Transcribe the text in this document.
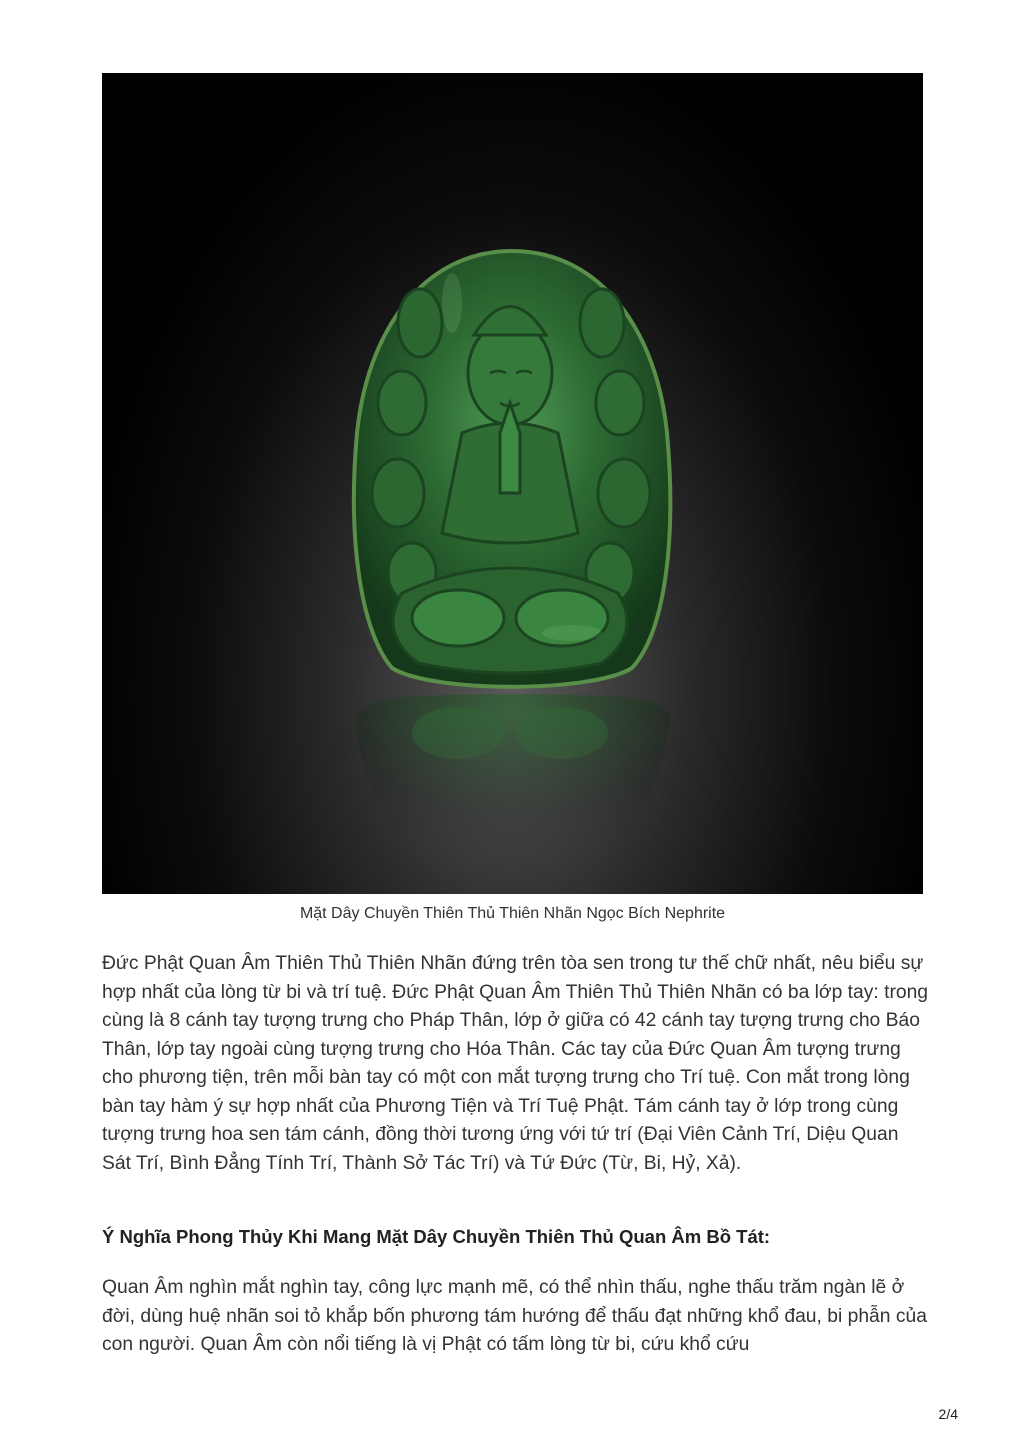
Mặt Dây Chuyền Thiên Thủ Thiên Nhãn Ngọc Bích Nephrite

Đức Phật Quan Âm Thiên Thủ Thiên Nhãn đứng trên tòa sen trong tư thế chữ nhất, nêu biểu sự hợp nhất của lòng từ bi và trí tuệ. Đức Phật Quan Âm Thiên Thủ Thiên Nhãn có ba lớp tay: trong cùng là 8 cánh tay tượng trưng cho Pháp Thân, lớp ở giữa có 42 cánh tay tượng trưng cho Báo Thân, lớp tay ngoài cùng tượng trưng cho Hóa Thân. Các tay của Đức Quan Âm tượng trưng cho phương tiện, trên mỗi bàn tay có một con mắt tượng trưng cho Trí tuệ. Con mắt trong lòng bàn tay hàm ý sự hợp nhất của Phương Tiện và Trí Tuệ Phật. Tám cánh tay ở lớp trong cùng tượng trưng hoa sen tám cánh, đồng thời tương ứng với tứ trí (Đại Viên Cảnh Trí, Diệu Quan Sát Trí, Bình Đẳng Tính Trí, Thành Sở Tác Trí) và Tứ Đức (Từ, Bi, Hỷ, Xả).

Ý Nghĩa Phong Thủy Khi Mang Mặt Dây Chuyền Thiên Thủ Quan Âm Bồ Tát:

Quan Âm nghìn mắt nghìn tay, công lực mạnh mẽ, có thể nhìn thấu, nghe thấu trăm ngàn lẽ ở đời, dùng huệ nhãn soi tỏ khắp bốn phương tám hướng để thấu đạt những khổ đau, bi phẫn của con người. Quan Âm còn nổi tiếng là vị Phật có tấm lòng từ bi, cứu khổ cứu

2/4
